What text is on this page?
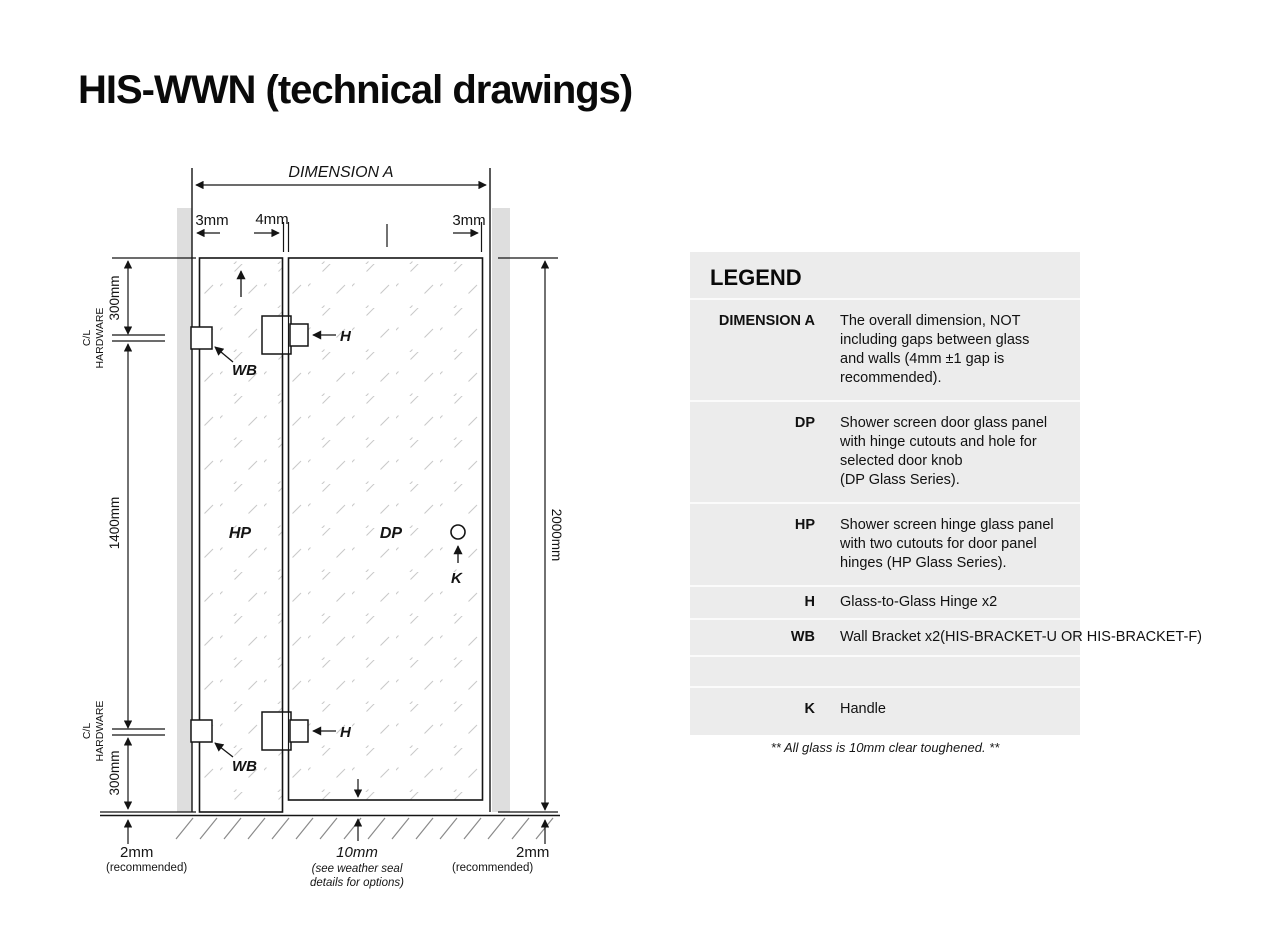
HIS-WWN (technical drawings)
DIMENSION A
3mm 4mm	3mm
300mm
C/L HARDWARE
1400mm
C/L HARDWARE
300mm
2000mm
H
WB
H
WB
HP	DP
K
2mm
(recommended)
10mm
(see weather seal
details for options)
2mm
(recommended)
LEGEND
DIMENSION A The overall dimension, NOT
including gaps between glass
and walls (4mm ±1 gap is
recommended).
DP Shower screen door glass panel
with hinge cutouts and hole for
selected door knob
(DP Glass Series).
HP Shower screen hinge glass panel
with two cutouts for door panel
hinges (HP Glass Series).
H Glass-to-Glass Hinge x2
WB Wall Bracket x2(HIS-BRACKET-U OR HIS-BRACKET-F)
K Handle
** All glass is 10mm clear toughened. **
